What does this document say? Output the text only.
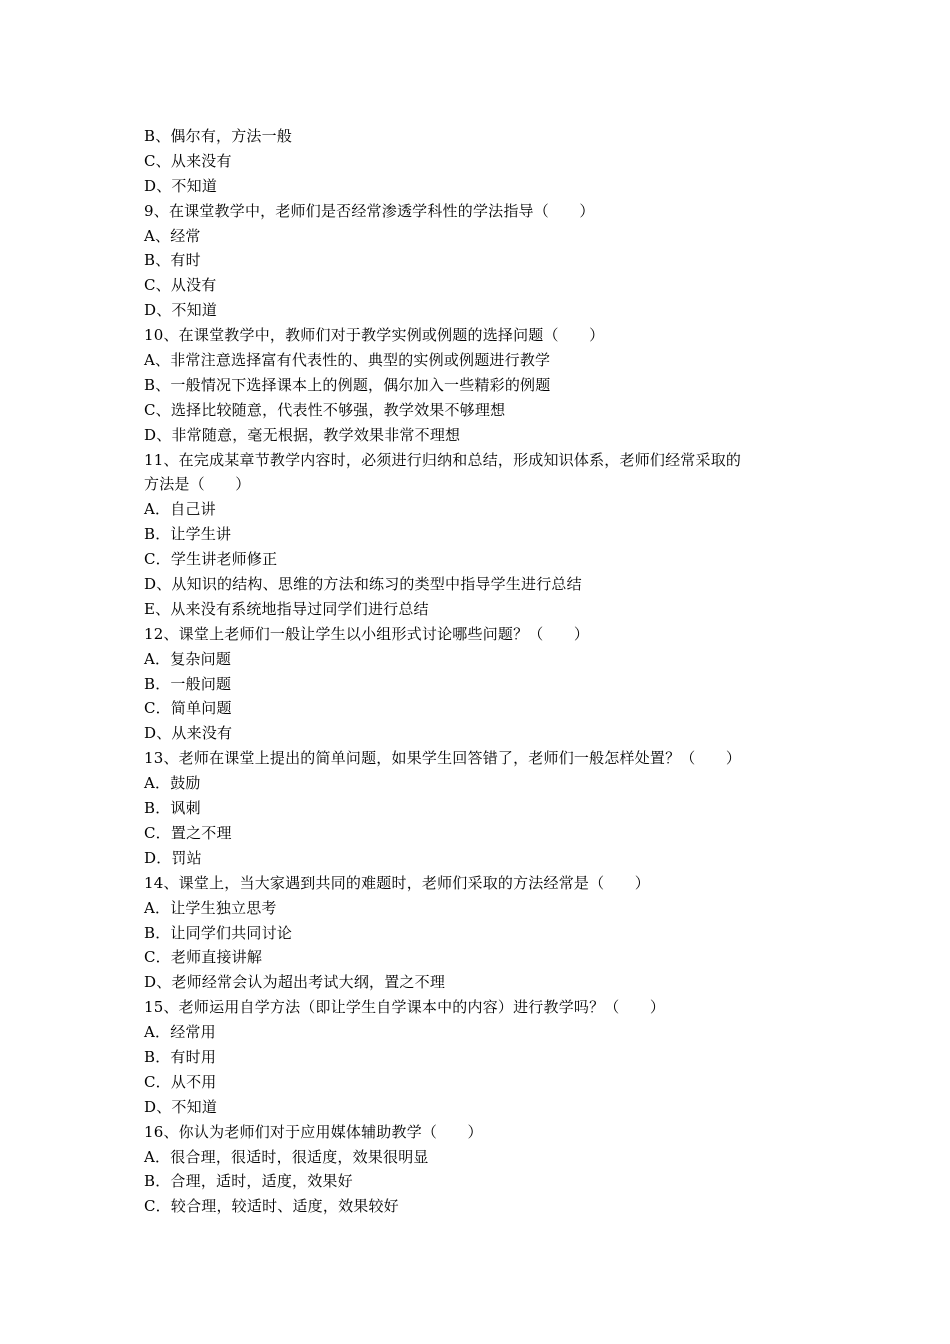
B、偶尔有，方法一般
C、从来没有
D、不知道
9、在课堂教学中，老师们是否经常渗透学科性的学法指导（　　）
A、经常
B、有时
C、从没有
D、不知道
10、在课堂教学中，教师们对于教学实例或例题的选择问题（　　）
A、非常注意选择富有代表性的、典型的实例或例题进行教学
B、一般情况下选择课本上的例题，偶尔加入一些精彩的例题
C、选择比较随意，代表性不够强，教学效果不够理想
D、非常随意，毫无根据，教学效果非常不理想
11、在完成某章节教学内容时，必须进行归纳和总结，形成知识体系，老师们经常采取的
方法是（　　）
A．自己讲
B．让学生讲
C．学生讲老师修正
D、从知识的结构、思维的方法和练习的类型中指导学生进行总结
E、从来没有系统地指导过同学们进行总结
12、课堂上老师们一般让学生以小组形式讨论哪些问题？（　　）
A．复杂问题
B．一般问题
C．简单问题
D、从来没有
13、老师在课堂上提出的简单问题，如果学生回答错了，老师们一般怎样处置？（　　）
A．鼓励
B．讽刺
C．置之不理
D．罚站
14、课堂上，当大家遇到共同的难题时，老师们采取的方法经常是（　　）
A．让学生独立思考
B．让同学们共同讨论
C．老师直接讲解
D、老师经常会认为超出考试大纲，置之不理
15、老师运用自学方法（即让学生自学课本中的内容）进行教学吗？（　　）
A．经常用
B．有时用
C．从不用
D、不知道
16、你认为老师们对于应用媒体辅助教学（　　）
A．很合理，很适时，很适度，效果很明显
B．合理，适时，适度，效果好
C．较合理，较适时、适度，效果较好
